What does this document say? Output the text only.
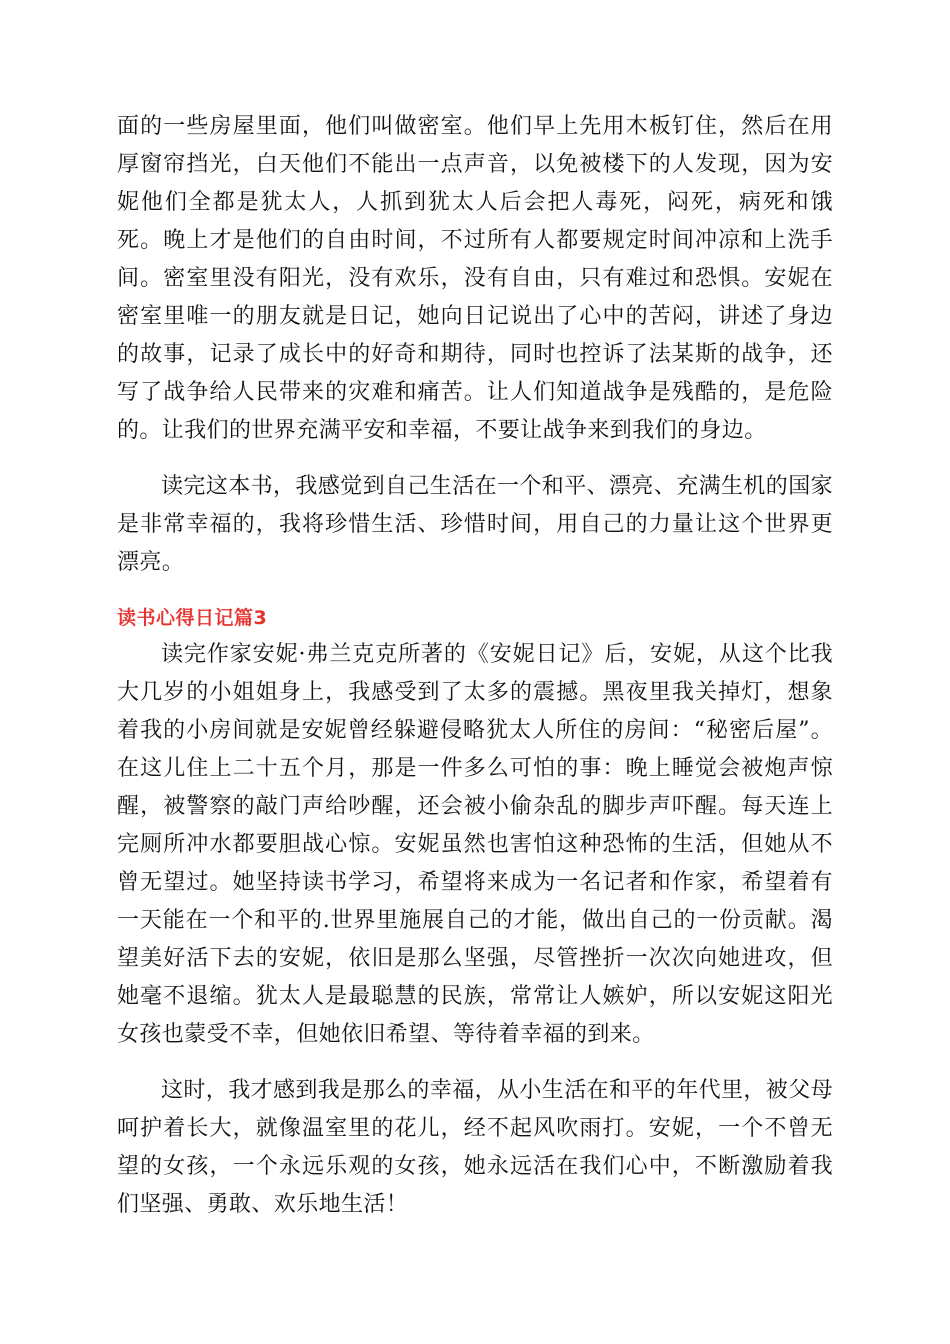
面的一些房屋里面，他们叫做密室。他们早上先用木板钉住，然后在用厚窗帘挡光，白天他们不能出一点声音，以免被楼下的人发现，因为安妮他们全都是犹太人，人抓到犹太人后会把人毒死，闷死，病死和饿死。晚上才是他们的自由时间，不过所有人都要规定时间冲凉和上洗手间。密室里没有阳光，没有欢乐，没有自由，只有难过和恐惧。安妮在密室里唯一的朋友就是日记，她向日记说出了心中的苦闷，讲述了身边的故事，记录了成长中的好奇和期待，同时也控诉了法某斯的战争，还写了战争给人民带来的灾难和痛苦。让人们知道战争是残酷的，是危险的。让我们的世界充满平安和幸福，不要让战争来到我们的身边。

读完这本书，我感觉到自己生活在一个和平、漂亮、充满生机的国家是非常幸福的，我将珍惜生活、珍惜时间，用自己的力量让这个世界更漂亮。

读书心得日记篇3

读完作家安妮·弗兰克克所著的《安妮日记》后，安妮，从这个比我大几岁的小姐姐身上，我感受到了太多的震撼。黑夜里我关掉灯，想象着我的小房间就是安妮曾经躲避侵略犹太人所住的房间：“秘密后屋”。在这儿住上二十五个月，那是一件多么可怕的事：晚上睡觉会被炮声惊醒，被警察的敲门声给吵醒，还会被小偷杂乱的脚步声吓醒。每天连上完厕所冲水都要胆战心惊。安妮虽然也害怕这种恐怖的生活，但她从不曾无望过。她坚持读书学习，希望将来成为一名记者和作家，希望着有一天能在一个和平的.世界里施展自己的才能，做出自己的一份贡献。渴望美好活下去的安妮，依旧是那么坚强，尽管挫折一次次向她进攻，但她毫不退缩。犹太人是最聪慧的民族，常常让人嫉妒，所以安妮这阳光女孩也蒙受不幸，但她依旧希望、等待着幸福的到来。

这时，我才感到我是那么的幸福，从小生活在和平的年代里，被父母呵护着长大，就像温室里的花儿，经不起风吹雨打。安妮，一个不曾无望的女孩，一个永远乐观的女孩，她永远活在我们心中，不断激励着我们坚强、勇敢、欢乐地生活！
